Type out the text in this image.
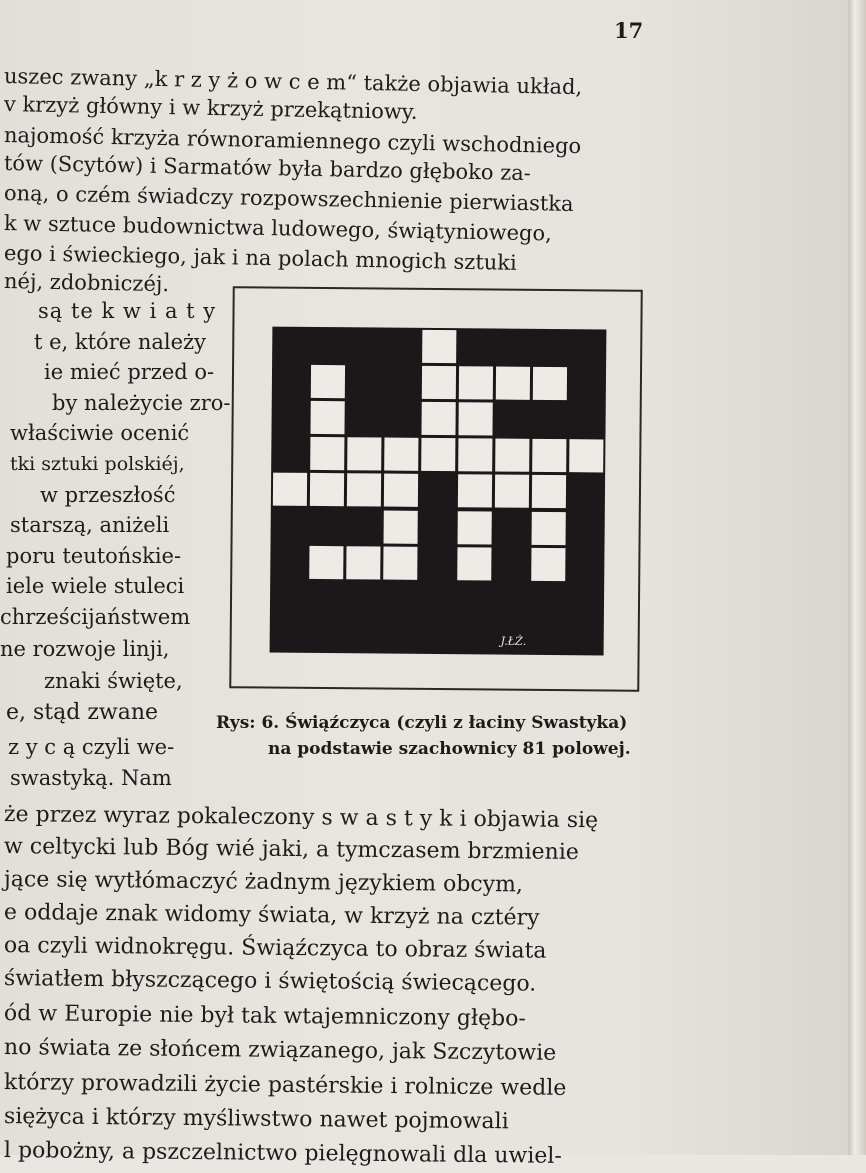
17
uszec zwany „k r z y ż o w c e m“ także objawia układ,
v krzyż główny i w krzyż przekątniowy.
najomość krzyża równoramiennego czyli wschodniego
tów (Scytów) i Sarmatów była bardzo głęboko za-
oną, o czém świadczy rozpowszechnienie pierwiastka
k w sztuce budownictwa ludowego, świątyniowego,
ego i świeckiego, jak i na polach mnogich sztuki
néj, zdobniczéj.
są te k w i a t y
t e, które należy
ie mieć przed o-
by należycie zro-
właściwie ocenić
tki sztuki polskiéj,
w przeszłość
starszą, aniżeli
poru teutońskie-
iele wiele stuleci
chrześcijaństwem
ne rozwoje linji,
znaki święte,
e, stąd zwane
z y c ą czyli we-
swastyką. Nam
J.ŁŻ.
Rys: 6. Świąźczyca (czyli z łaciny Swastyka)
na podstawie szachownicy 81 polowej.
że przez wyraz pokaleczony s w a s t y k i objawia się
w celtycki lub Bóg wié jaki, a tymczasem brzmienie
jące się wytłómaczyć żadnym językiem obcym,
e oddaje znak widomy świata, w krzyż na cztéry
oa czyli widnokręgu. Świąźczyca to obraz świata
światłem błyszczącego i świętością świecącego.
ód w Europie nie był tak wtajemniczony głębo-
no świata ze słońcem związanego, jak Szczytowie
którzy prowadzili życie pastérskie i rolnicze wedle
siężyca i którzy myśliwstwo nawet pojmowali
l pobożny, a pszczelnictwo pielęgnowali dla uwiel-
